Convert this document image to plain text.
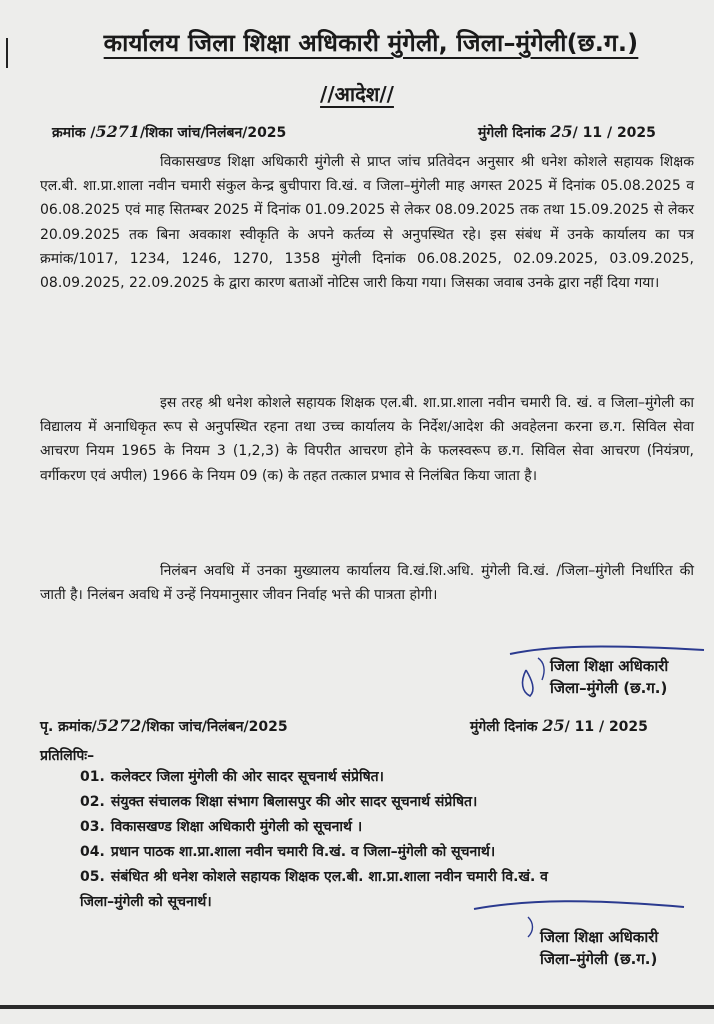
कार्यालय जिला शिक्षा अधिकारी मुंगेली, जिला–मुंगेली(छ.ग.)
//आदेश//
क्रमांक /5271/शिका जांच/निलंबन/2025	मुंगेली दिनांक 25/ 11 / 2025

विकासखण्ड शिक्षा अधिकारी मुंगेली से प्राप्त जांच प्रतिवेदन अनुसार श्री धनेश कोशले सहायक शिक्षक एल.बी. शा.प्रा.शाला नवीन चमारी संकुल केन्द्र बुचीपारा वि.खं. व जिला–मुंगेली माह अगस्त 2025 में दिनांक 05.08.2025 व 06.08.2025 एवं माह सितम्बर 2025 में दिनांक 01.09.2025 से लेकर 08.09.2025 तक तथा 15.09.2025 से लेकर 20.09.2025 तक बिना अवकाश स्वीकृति के अपने कर्तव्य से अनुपस्थित रहे। इस संबंध में उनके कार्यालय का पत्र क्रमांक/1017, 1234, 1246, 1270, 1358 मुंगेली दिनांक 06.08.2025, 02.09.2025, 03.09.2025, 08.09.2025, 22.09.2025 के द्वारा कारण बताओं नोटिस जारी किया गया। जिसका जवाब उनके द्वारा नहीं दिया गया।

इस तरह श्री धनेश कोशले सहायक शिक्षक एल.बी. शा.प्रा.शाला नवीन चमारी वि. खं. व जिला–मुंगेली का विद्यालय में अनाधिकृत रूप से अनुपस्थित रहना तथा उच्च कार्यालय के निर्देश/आदेश की अवहेलना करना छ.ग. सिविल सेवा आचरण नियम 1965 के नियम 3 (1,2,3) के विपरीत आचरण होने के फलस्वरूप छ.ग. सिविल सेवा आचरण (नियंत्रण, वर्गीकरण एवं अपील) 1966 के नियम 09 (क) के तहत तत्काल प्रभाव से निलंबित किया जाता है।

निलंबन अवधि में उनका मुख्यालय कार्यालय वि.खं.शि.अधि. मुंगेली वि.खं. /जिला–मुंगेली निर्धारित की जाती है। निलंबन अवधि में उन्हें नियमानुसार जीवन निर्वाह भत्ते की पात्रता होगी।

जिला शिक्षा अधिकारी
जिला–मुंगेली (छ.ग.)
पृ. क्रमांक/5272/शिका जांच/निलंबन/2025	मुंगेली दिनांक 25/ 11 / 2025
प्रतिलिपिः–
01. कलेक्टर जिला मुंगेली की ओर सादर सूचनार्थ संप्रेषित।
02. संयुक्त संचालक शिक्षा संभाग बिलासपुर की ओर सादर सूचनार्थ संप्रेषित।
03. विकासखण्ड शिक्षा अधिकारी मुंगेली को सूचनार्थ ।
04. प्रधान पाठक शा.प्रा.शाला नवीन चमारी वि.खं. व जिला–मुंगेली को सूचनार्थ।
05. संबंधित श्री धनेश कोशले सहायक शिक्षक एल.बी. शा.प्रा.शाला नवीन चमारी वि.खं. व
जिला–मुंगेली को सूचनार्थ।
जिला शिक्षा अधिकारी
जिला–मुंगेली (छ.ग.)
